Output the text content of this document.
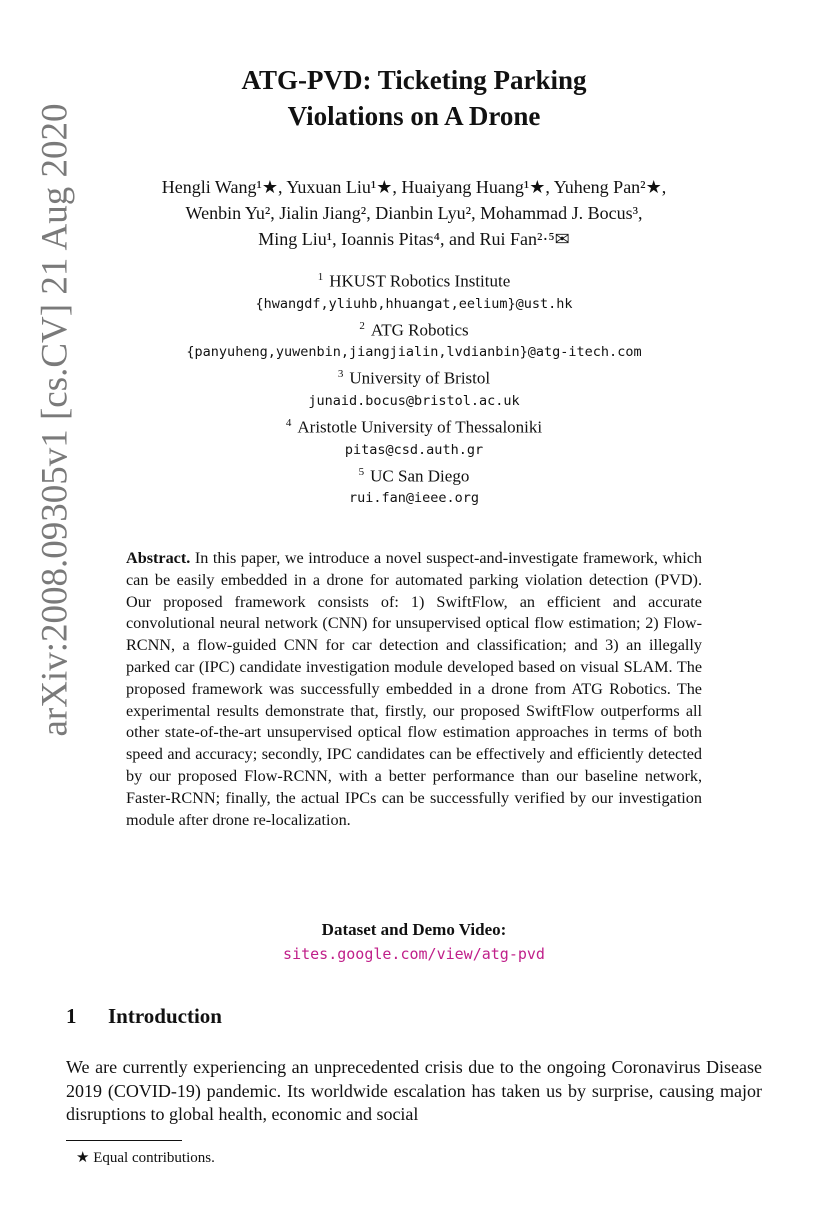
arXiv:2008.09305v1 [cs.CV] 21 Aug 2020
ATG-PVD: Ticketing Parking
Violations on A Drone
Hengli Wang¹★, Yuxuan Liu¹★, Huaiyang Huang¹★, Yuheng Pan²★,
Wenbin Yu², Jialin Jiang², Dianbin Lyu², Mohammad J. Bocus³,
Ming Liu¹, Ioannis Pitas⁴, and Rui Fan²·⁵✉
$^1$ HKUST Robotics Institute
{hwangdf,yliuhb,hhuangat,eelium}@ust.hk
$^2$ ATG Robotics
{panyuheng,yuwenbin,jiangjialin,lvdianbin}@atg-itech.com
$^3$ University of Bristol
junaid.bocus@bristol.ac.uk
$^4$ Aristotle University of Thessaloniki
pitas@csd.auth.gr
$^5$ UC San Diego
rui.fan@ieee.org
Abstract. In this paper, we introduce a novel suspect-and-investigate framework, which can be easily embedded in a drone for automated parking violation detection (PVD). Our proposed framework consists of: 1) SwiftFlow, an efficient and accurate convolutional neural network (CNN) for unsupervised optical flow estimation; 2) Flow-RCNN, a flow-guided CNN for car detection and classification; and 3) an illegally parked car (IPC) candidate investigation module developed based on visual SLAM. The proposed framework was successfully embedded in a drone from ATG Robotics. The experimental results demonstrate that, firstly, our proposed SwiftFlow outperforms all other state-of-the-art unsupervised optical flow estimation approaches in terms of both speed and accuracy; secondly, IPC candidates can be effectively and efficiently detected by our proposed Flow-RCNN, with a better performance than our baseline network, Faster-RCNN; finally, the actual IPCs can be successfully verified by our investigation module after drone re-localization.
Dataset and Demo Video:
sites.google.com/view/atg-pvd
1 Introduction
We are currently experiencing an unprecedented crisis due to the ongoing Coronavirus Disease 2019 (COVID-19) pandemic. Its worldwide escalation has taken us by surprise, causing major disruptions to global health, economic and social
★ Equal contributions.
